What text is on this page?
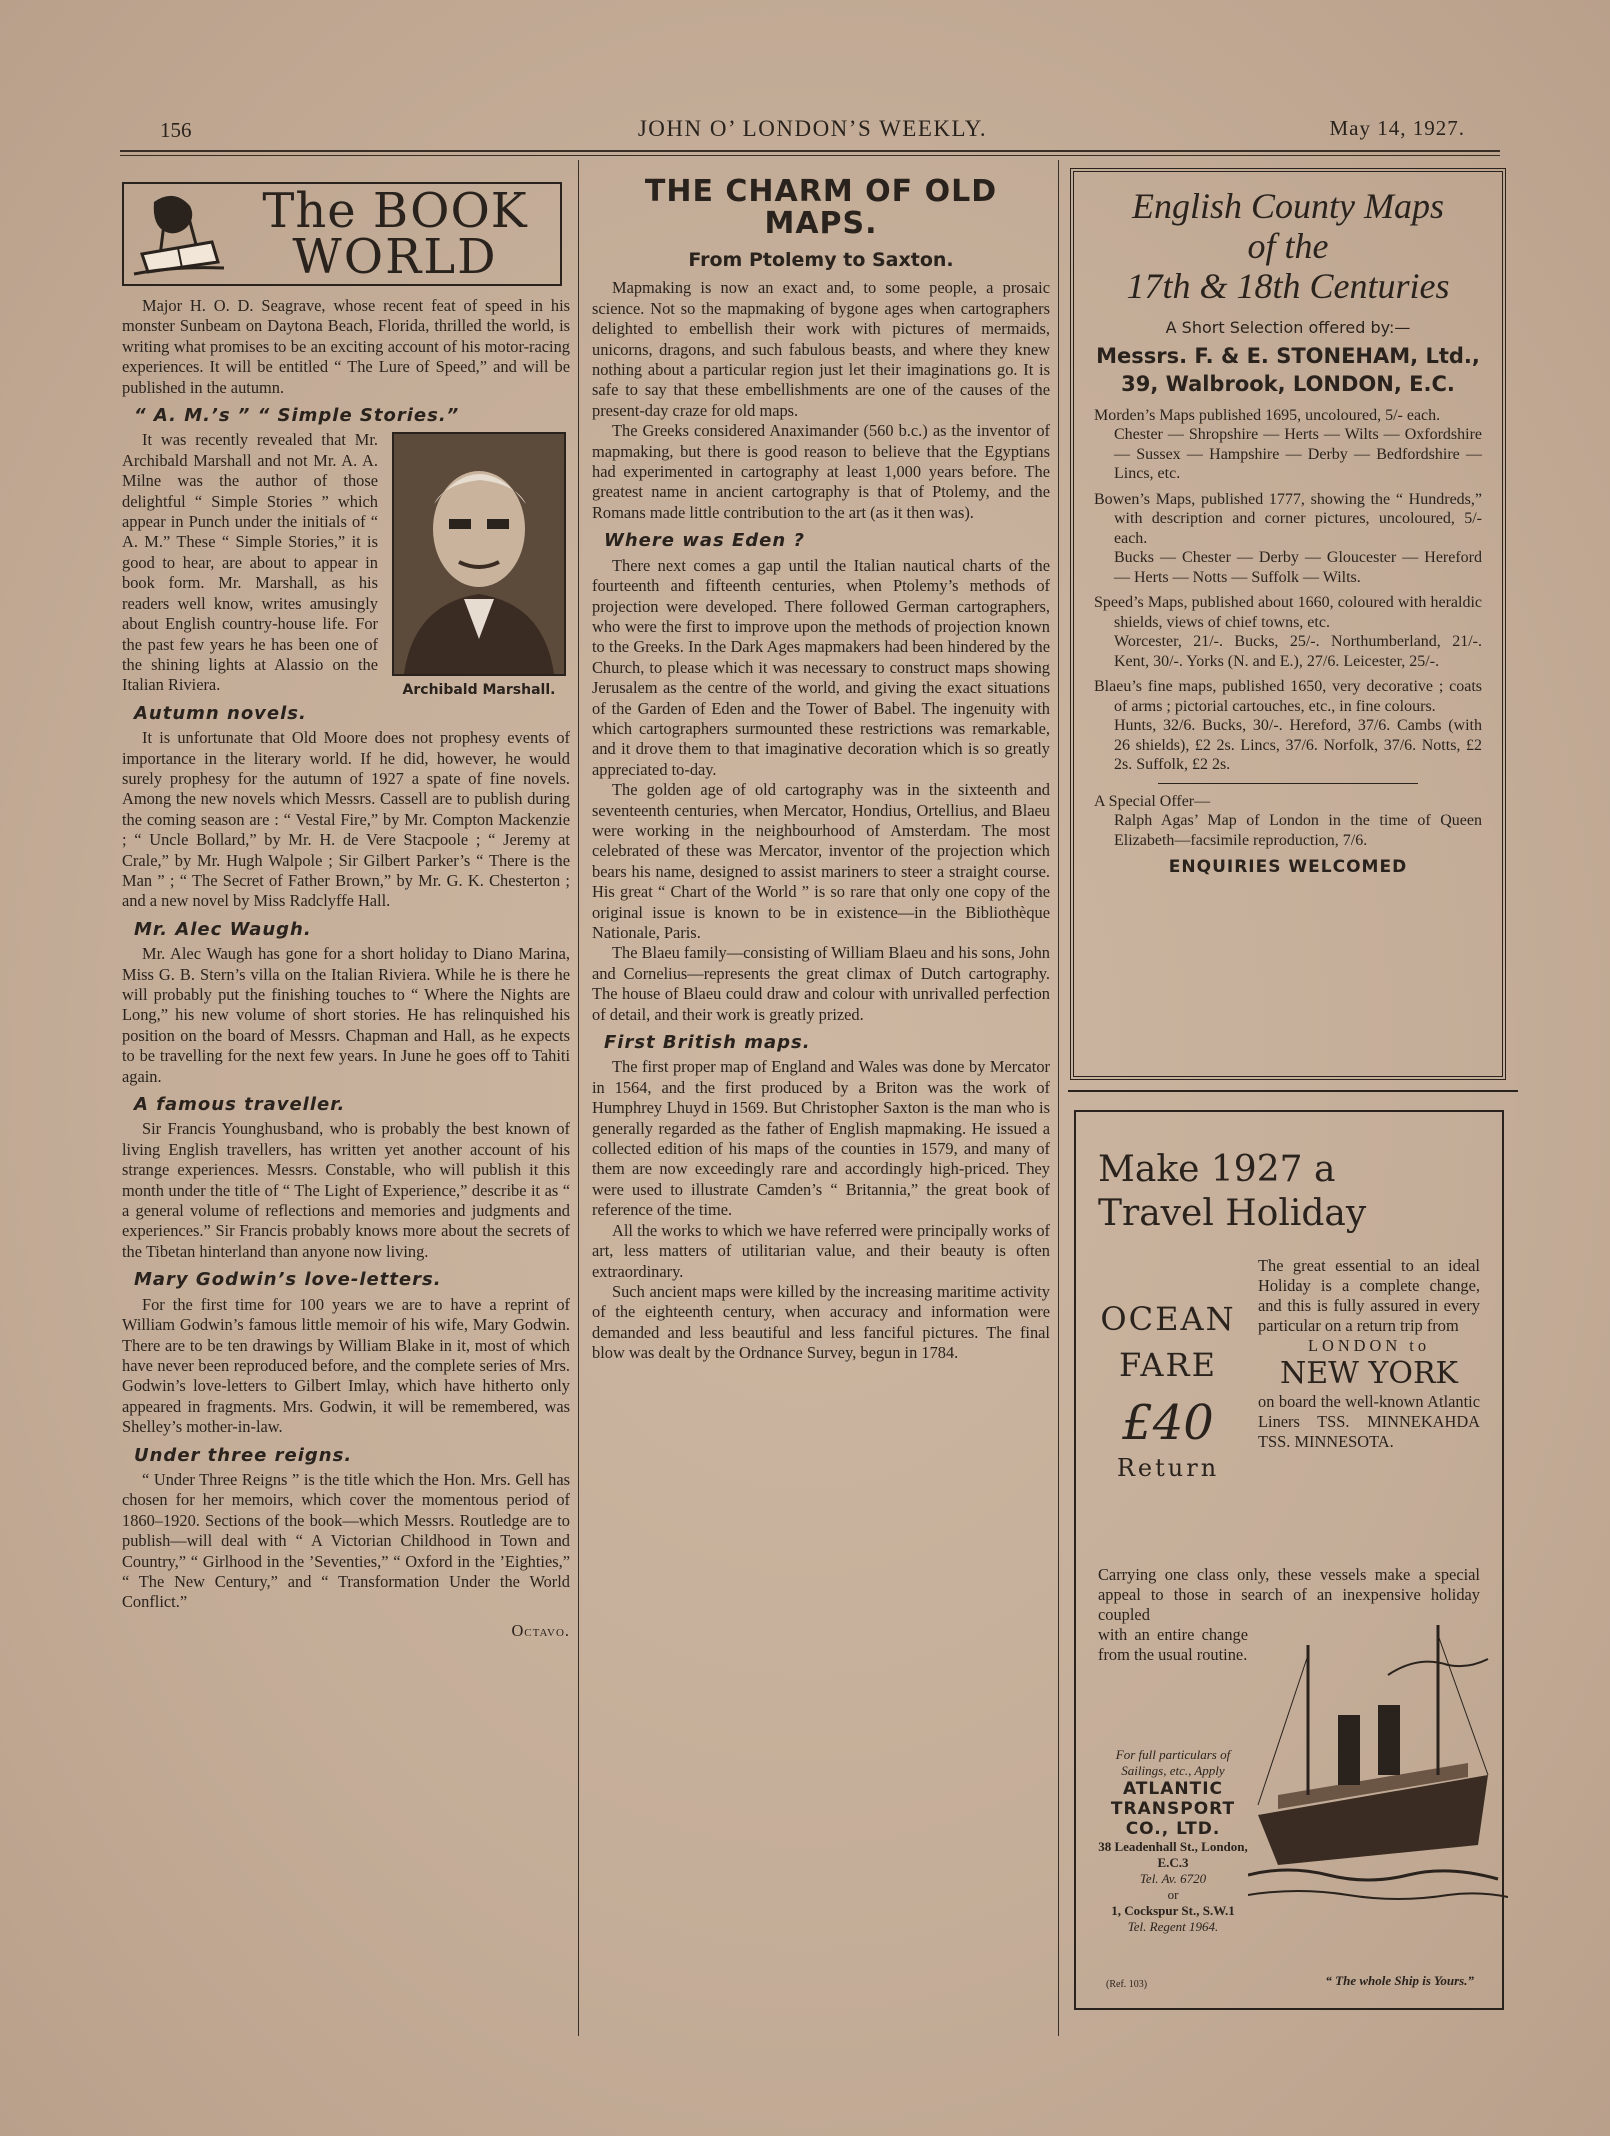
156	JOHN O’ LONDON’S WEEKLY.	May 14, 1927.
The BOOK
WORLD

Major H. O. D. Seagrave, whose recent feat of speed in his monster Sunbeam on Daytona Beach, Florida, thrilled the world, is writing what promises to be an exciting account of his motor-racing experiences. It will be entitled “ The Lure of Speed,” and will be published in the autumn.

“ A. M.’s ” “ Simple Stories.”
Archibald Marshall.

It was recently revealed that Mr. Archibald Marshall and not Mr. A. A. Milne was the author of those delightful “ Simple Stories ” which appear in Punch under the initials of “ A. M.” These “ Simple Stories,” it is good to hear, are about to appear in book form. Mr. Marshall, as his readers well know, writes amusingly about English country-house life. For the past few years he has been one of the shining lights at Alassio on the Italian Riviera.

Autumn novels.

It is unfortunate that Old Moore does not prophesy events of importance in the literary world. If he did, however, he would surely prophesy for the autumn of 1927 a spate of fine novels. Among the new novels which Messrs. Cassell are to publish during the coming season are : “ Vestal Fire,” by Mr. Compton Mackenzie ; “ Uncle Bollard,” by Mr. H. de Vere Stacpoole ; “ Jeremy at Crale,” by Mr. Hugh Walpole ; Sir Gilbert Parker’s “ There is the Man ” ; “ The Secret of Father Brown,” by Mr. G. K. Chesterton ; and a new novel by Miss Radclyffe Hall.

Mr. Alec Waugh.

Mr. Alec Waugh has gone for a short holiday to Diano Marina, Miss G. B. Stern’s villa on the Italian Riviera. While he is there he will probably put the finishing touches to “ Where the Nights are Long,” his new volume of short stories. He has relinquished his position on the board of Messrs. Chapman and Hall, as he expects to be travelling for the next few years. In June he goes off to Tahiti again.

A famous traveller.

Sir Francis Younghusband, who is probably the best known of living English travellers, has written yet another account of his strange experiences. Messrs. Constable, who will publish it this month under the title of “ The Light of Experience,” describe it as “ a general volume of reflections and memories and judgments and experiences.” Sir Francis probably knows more about the secrets of the Tibetan hinterland than anyone now living.

Mary Godwin’s love-letters.

For the first time for 100 years we are to have a reprint of William Godwin’s famous little memoir of his wife, Mary Godwin. There are to be ten drawings by William Blake in it, most of which have never been reproduced before, and the complete series of Mrs. Godwin’s love-letters to Gilbert Imlay, which have hitherto only appeared in fragments. Mrs. Godwin, it will be remembered, was Shelley’s mother-in-law.

Under three reigns.

“ Under Three Reigns ” is the title which the Hon. Mrs. Gell has chosen for her memoirs, which cover the momentous period of 1860–1920. Sections of the book—which Messrs. Routledge are to publish—will deal with “ A Victorian Childhood in Town and Country,” “ Girlhood in the ’Seventies,” “ Oxford in the ’Eighties,” “ The New Century,” and “ Transformation Under the World Conflict.”

Octavo.
THE CHARM OF OLD MAPS.
From Ptolemy to Saxton.

Mapmaking is now an exact and, to some people, a prosaic science. Not so the mapmaking of bygone ages when cartographers delighted to embellish their work with pictures of mermaids, unicorns, dragons, and such fabulous beasts, and where they knew nothing about a particular region just let their imaginations go. It is safe to say that these embellishments are one of the causes of the present-day craze for old maps.

The Greeks considered Anaximander (560 b.c.) as the inventor of mapmaking, but there is good reason to believe that the Egyptians had experimented in cartography at least 1,000 years before. The greatest name in ancient cartography is that of Ptolemy, and the Romans made little contribution to the art (as it then was).

Where was Eden ?

There next comes a gap until the Italian nautical charts of the fourteenth and fifteenth centuries, when Ptolemy’s methods of projection were developed. There followed German cartographers, who were the first to improve upon the methods of projection known to the Greeks. In the Dark Ages mapmakers had been hindered by the Church, to please which it was necessary to construct maps showing Jerusalem as the centre of the world, and giving the exact situations of the Garden of Eden and the Tower of Babel. The ingenuity with which cartographers surmounted these restrictions was remarkable, and it drove them to that imaginative decoration which is so greatly appreciated to-day.

The golden age of old cartography was in the sixteenth and seventeenth centuries, when Mercator, Hondius, Ortellius, and Blaeu were working in the neighbourhood of Amsterdam. The most celebrated of these was Mercator, inventor of the projection which bears his name, designed to assist mariners to steer a straight course. His great “ Chart of the World ” is so rare that only one copy of the original issue is known to be in existence—in the Bibliothèque Nationale, Paris.

The Blaeu family—consisting of William Blaeu and his sons, John and Cornelius—represents the great climax of Dutch cartography. The house of Blaeu could draw and colour with unrivalled perfection of detail, and their work is greatly prized.

First British maps.

The first proper map of England and Wales was done by Mercator in 1564, and the first produced by a Briton was the work of Humphrey Lhuyd in 1569. But Christopher Saxton is the man who is generally regarded as the father of English mapmaking. He issued a collected edition of his maps of the counties in 1579, and many of them are now exceedingly rare and accordingly high-priced. They were used to illustrate Camden’s “ Britannia,” the great book of reference of the time.

All the works to which we have referred were principally works of art, less matters of utilitarian value, and their beauty is often extraordinary.

Such ancient maps were killed by the increasing maritime activity of the eighteenth century, when accuracy and information were demanded and less beautiful and less fanciful pictures. The final blow was dealt by the Ordnance Survey, begun in 1784.

English County Maps
of the
17th & 18th Centuries
A Short Selection offered by:—
Messrs. F. & E. STONEHAM, Ltd.,
39, Walbrook, LONDON, E.C.
Morden’s Maps published 1695, uncoloured, 5/- each.
Chester — Shropshire — Herts — Wilts — Oxfordshire — Sussex — Hampshire — Derby — Bedfordshire — Lincs, etc.
Bowen’s Maps, published 1777, showing the “ Hundreds,” with description and corner pictures, uncoloured, 5/- each.
Bucks — Chester — Derby — Gloucester — Hereford — Herts — Notts — Suffolk — Wilts.
Speed’s Maps, published about 1660, coloured with heraldic shields, views of chief towns, etc.
Worcester, 21/-. Bucks, 25/-. Northumberland, 21/-. Kent, 30/-. Yorks (N. and E.), 27/6. Leicester, 25/-.
Blaeu’s fine maps, published 1650, very decorative ; coats of arms ; pictorial cartouches, etc., in fine colours.
Hunts, 32/6. Bucks, 30/-. Hereford, 37/6. Cambs (with 26 shields), £2 2s. Lincs, 37/6. Norfolk, 37/6. Notts, £2 2s. Suffolk, £2 2s.
A Special Offer—
Ralph Agas’ Map of London in the time of Queen Elizabeth—facsimile reproduction, 7/6.
ENQUIRIES WELCOMED
Make 1927 a
Travel Holiday
OCEAN
FARE
£40
Return
The great essential to an ideal Holiday is a complete change, and this is fully assured in every particular on a return trip from
LONDON to
NEW YORK
on board the well-known Atlantic Liners TSS. MINNEKAHDA TSS. MINNESOTA.
Carrying one class only, these vessels make a special appeal to those in search of an inexpensive holiday coupled
with an entire change from the usual routine.
For full particulars of Sailings, etc., Apply
ATLANTIC TRANSPORT CO., LTD.
38 Leadenhall St., London, E.C.3
Tel. Av. 6720
or
1, Cockspur St., S.W.1
Tel. Regent 1964.
“ The whole Ship is Yours.”
(Ref. 103)
